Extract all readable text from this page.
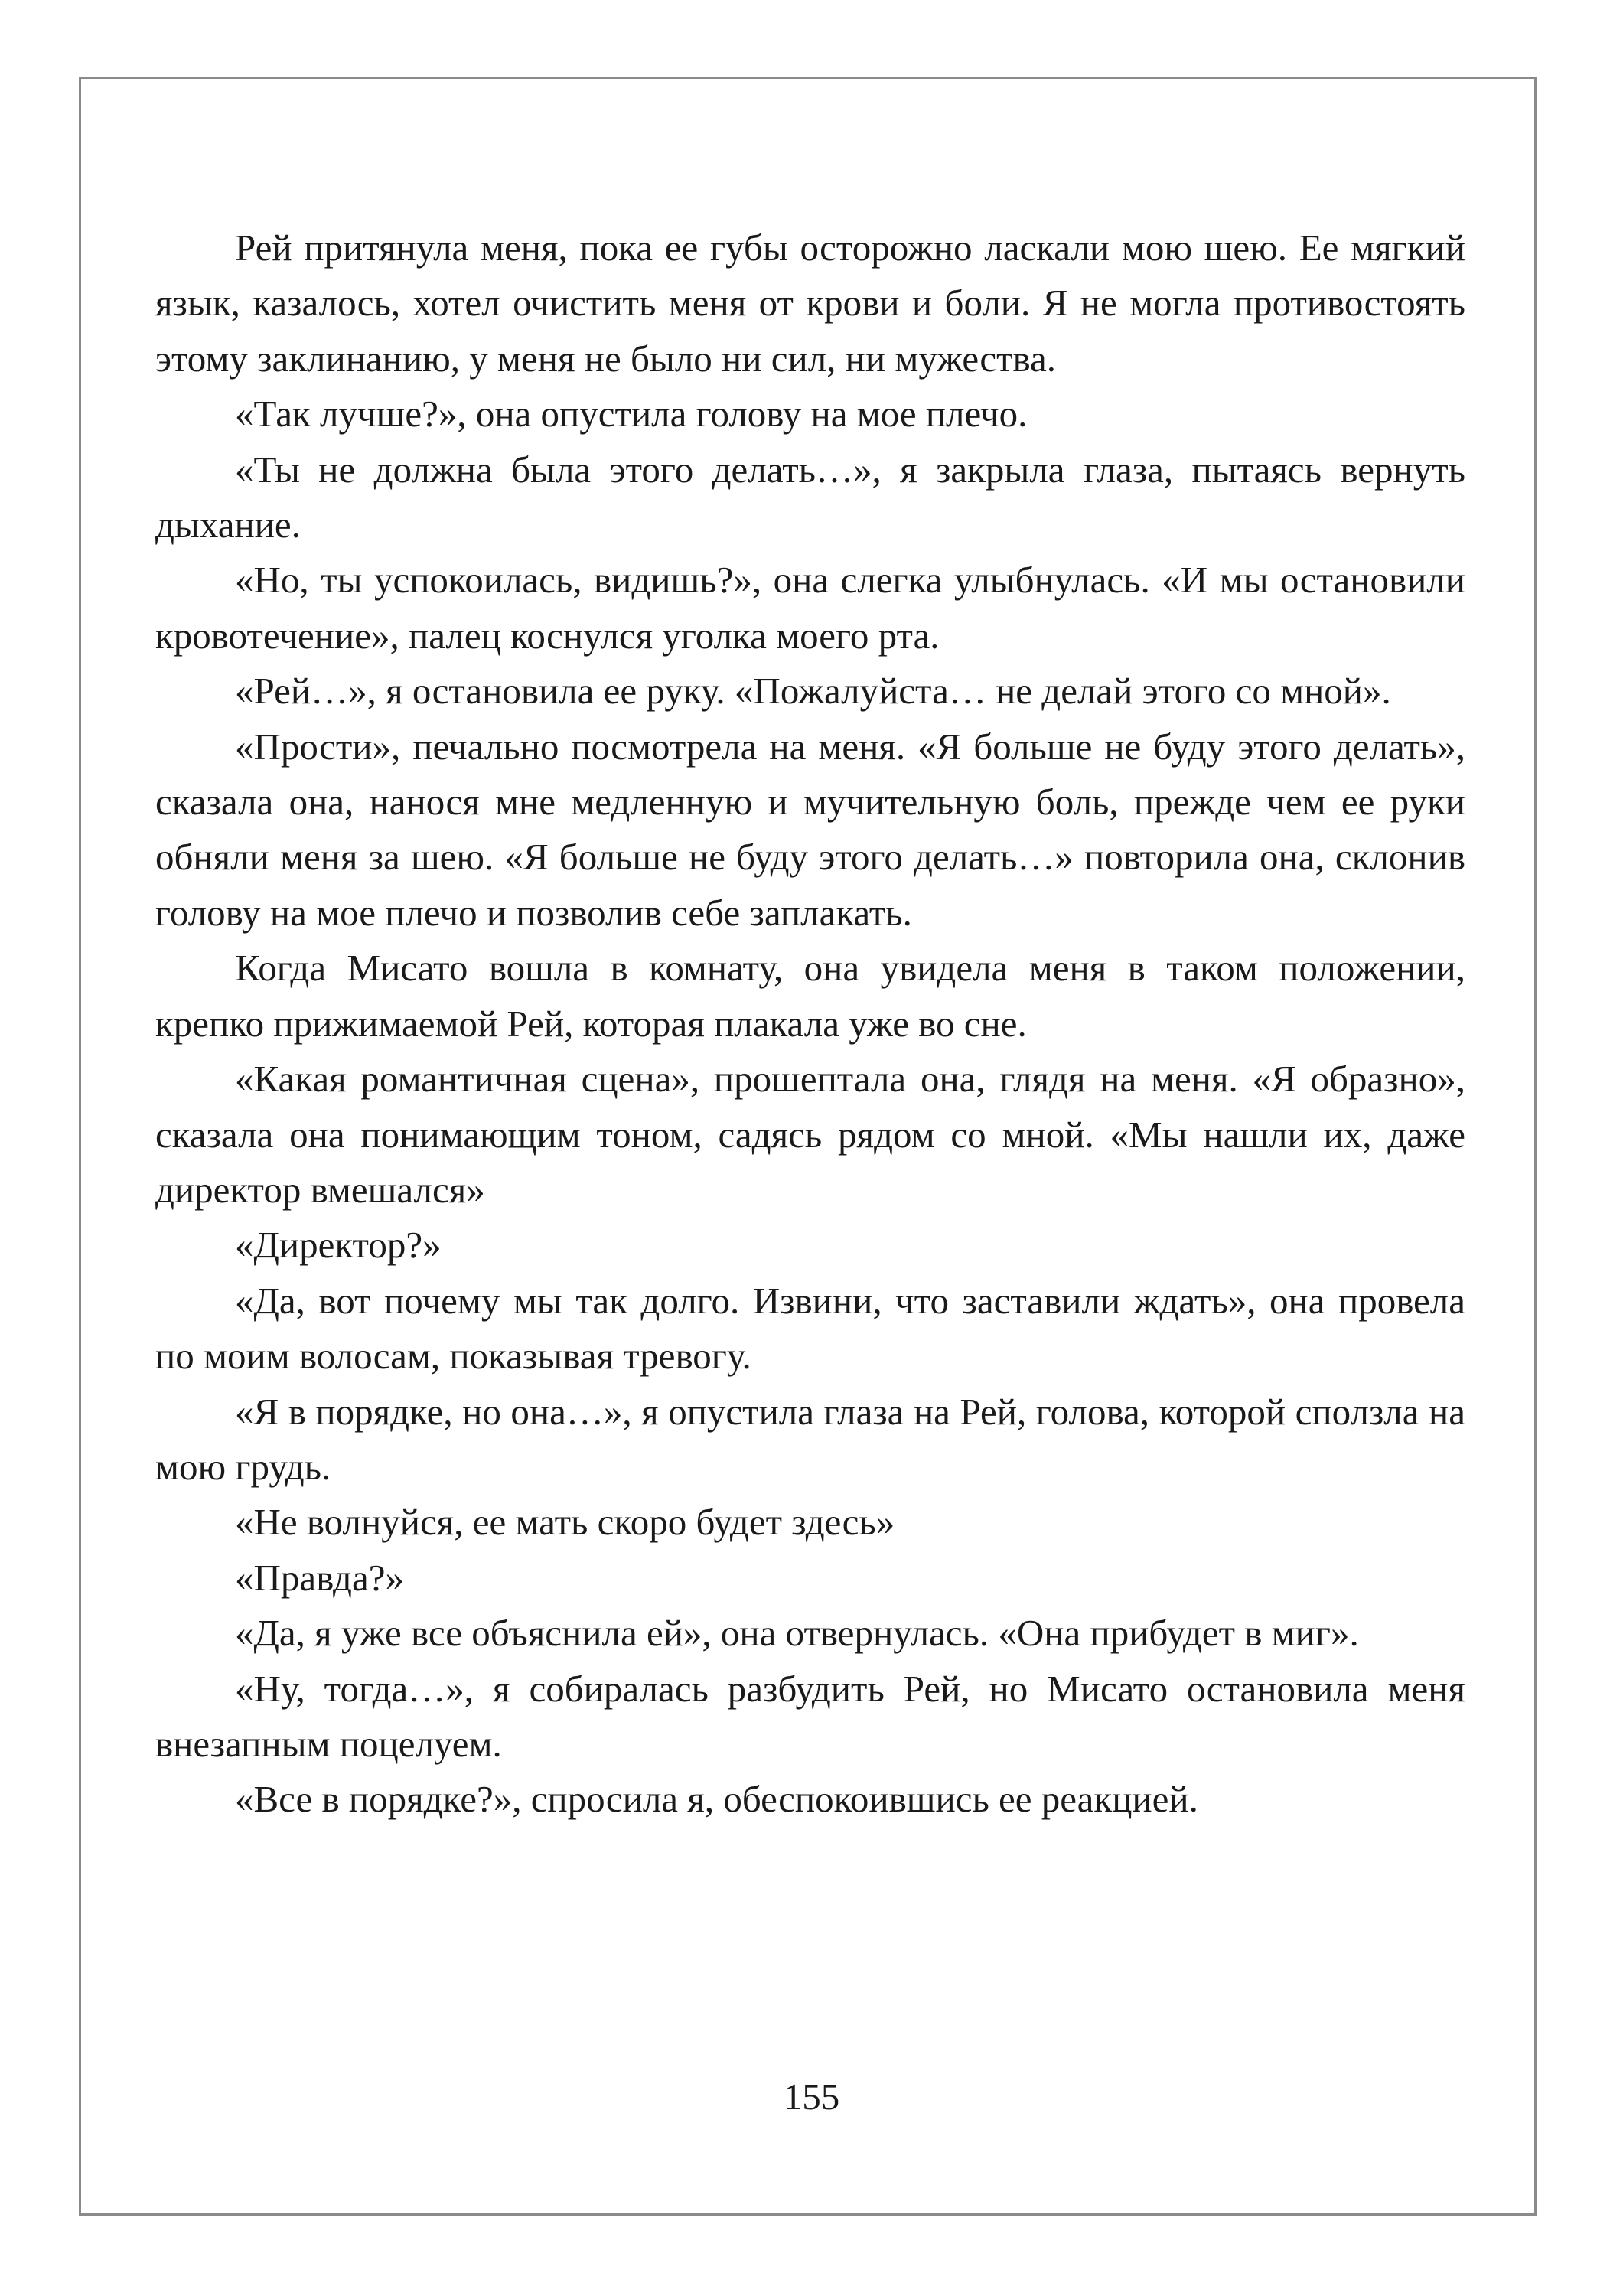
Рей притянула меня, пока ее губы осторожно ласкали мою шею. Ее мягкий язык, казалось, хотел очистить меня от крови и боли. Я не могла противостоять этому заклинанию, у меня не было ни сил, ни мужества.

«Так лучше?», она опустила голову на мое плечо.

«Ты не должна была этого делать…», я закрыла глаза, пытаясь вернуть дыхание.

«Но, ты успокоилась, видишь?», она слегка улыбнулась. «И мы остановили кровотечение», палец коснулся уголка моего рта.

«Рей…», я остановила ее руку. «Пожалуйста… не делай этого со мной».

«Прости», печально посмотрела на меня. «Я больше не буду этого делать», сказала она, нанося мне медленную и мучительную боль, прежде чем ее руки обняли меня за шею. «Я больше не буду этого делать…» повторила она, склонив голову на мое плечо и позволив себе заплакать.

Когда Мисато вошла в комнату, она увидела меня в таком положении, крепко прижимаемой Рей, которая плакала уже во сне.

«Какая романтичная сцена», прошептала она, глядя на меня. «Я образно», сказала она понимающим тоном, садясь рядом со мной. «Мы нашли их, даже директор вмешался»

«Директор?»

«Да, вот почему мы так долго. Извини, что заставили ждать», она провела по моим волосам, показывая тревогу.

«Я в порядке, но она…», я опустила глаза на Рей, голова, которой сползла на мою грудь.

«Не волнуйся, ее мать скоро будет здесь»

«Правда?»

«Да, я уже все объяснила ей», она отвернулась. «Она прибудет в миг».

«Ну, тогда…», я собиралась разбудить Рей, но Мисато остановила меня внезапным поцелуем.

«Все в порядке?», спросила я, обеспокоившись ее реакцией.

155
